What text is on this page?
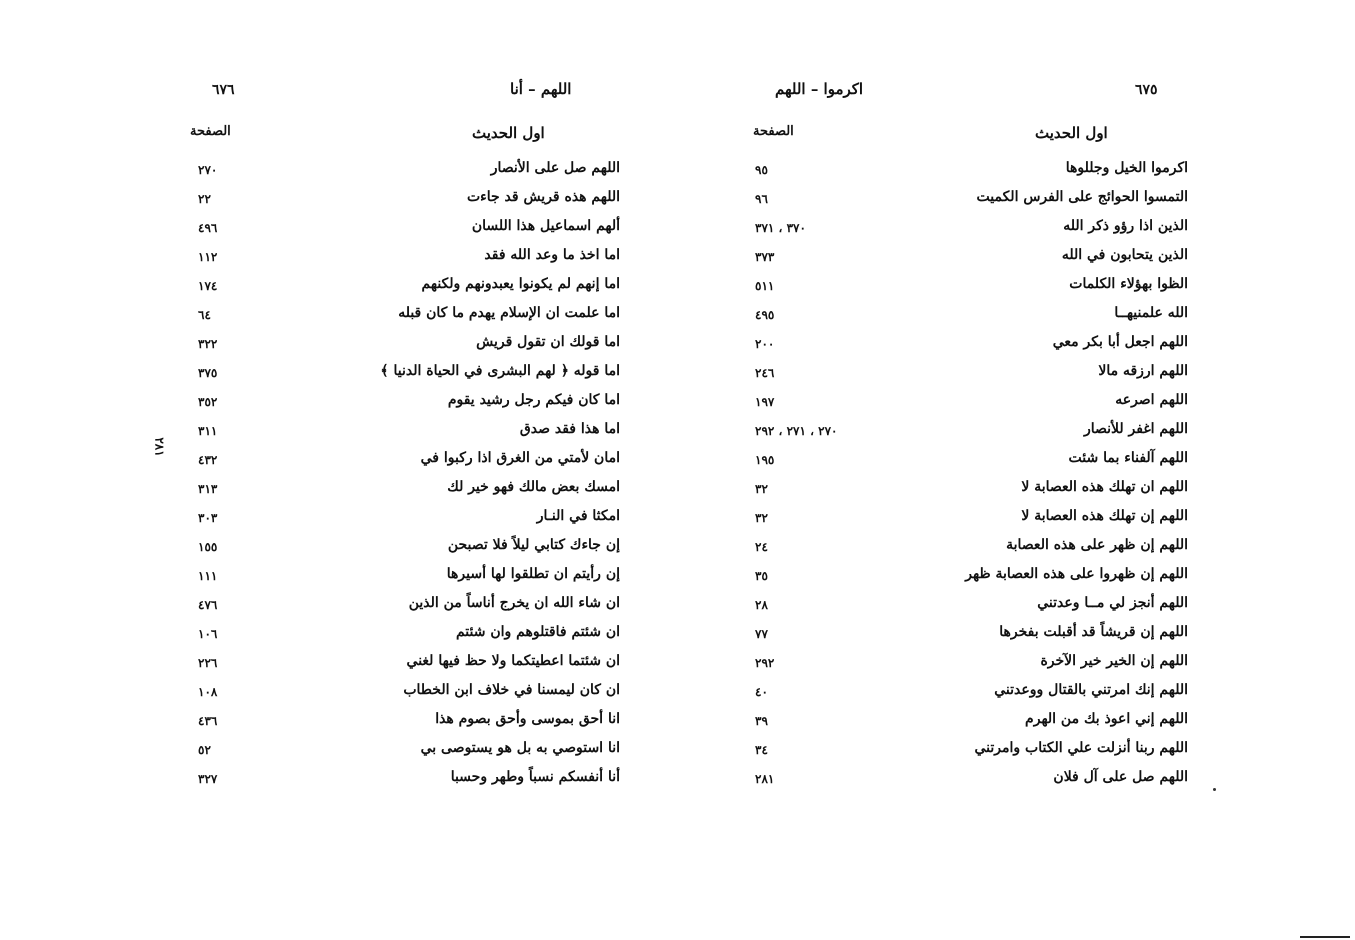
٦٧٦	اللهم – أنا
اول الحديث
الصفحة
اللهم صل على الأنصار
٢٧٠
اللهم هذه قريش قد جاءت
٢٢
ألهم اسماعيل هذا اللسان
٤٩٦
اما اخذ ما وعد الله فقد
١١٢
اما إنهم لم يكونوا يعبدونهم ولكنهم
١٧٤
اما علمت ان الإسلام يهدم ما كان قبله
٦٤
اما قولك ان تقول قريش
٣٢٢
اما قوله ﴿ لهم البشرى في الحياة الدنيا ﴾
٣٧٥
اما كان فيكم رجل رشيد يقوم
٣٥٢
اما هذا فقد صدق
٣١١
امان لأمتي من الغرق اذا ركبوا في
٤٣٢
امسك بعض مالك فهو خير لك
٣١٣
امكثا في النـار
٣٠٣
إن جاءك كتابي ليلاً فلا تصبحن
١٥٥
إن رأيتم ان تطلقوا لها أسيرها
١١١
ان شاء الله ان يخرج أناساً من الذين
٤٧٦
ان شئتم فاقتلوهم وان شئتم
١٠٦
ان شئتما اعطيتكما ولا حظ فيها لغني
٢٢٦
ان كان ليمسنا في خلاف ابن الخطاب
١٠٨
انا أحق بموسى وأحق بصوم هذا
٤٣٦
انا استوصي به بل هو يستوصى بي
٥٢
أنا أنفسكم نسباً وطهر وحسبا
٣٢٧
٢٨١
٦٧٥
اكرموا – اللهم
اول الحديث
الصفحة
اكرموا الخيل وجللوها
٩٥
التمسوا الحوائج على الفرس الكميت
٩٦
الذين اذا رؤو ذكر الله
٣٧٠ ، ٣٧١
الذين يتحابون في الله
٣٧٣
الظوا بهؤلاء الكلمات
٥١١
الله علمنيهــا
٤٩٥
اللهم اجعل أبا بكر معي
٢٠٠
اللهم ارزقه مالا
٢٤٦
اللهم اصرعه
١٩٧
اللهم اغفر للأنصار
٢٧٠ ، ٢٧١ ، ٢٩٢
اللهم آلفناء بما شئت
١٩٥
اللهم ان تهلك هذه العصابة لا
٣٢
اللهم إن تهلك هذه العصابة لا
٣٢
اللهم إن ظهر على هذه العصابة
٢٤
اللهم إن ظهروا على هذه العصابة ظهر
٣٥
اللهم أنجز لي مــا وعدتني
٢٨
اللهم إن قريشاً قد أقبلت بفخرها
٧٧
اللهم إن الخير خير الآخرة
٢٩٢
اللهم إنك امرتني بالقتال ووعدتني
٤٠
اللهم إني اعوذ بك من الهرم
٣٩
اللهم ربنا أنزلت علي الكتاب وامرتني
٣٤
اللهم صل على آل فلان
٢٨١
